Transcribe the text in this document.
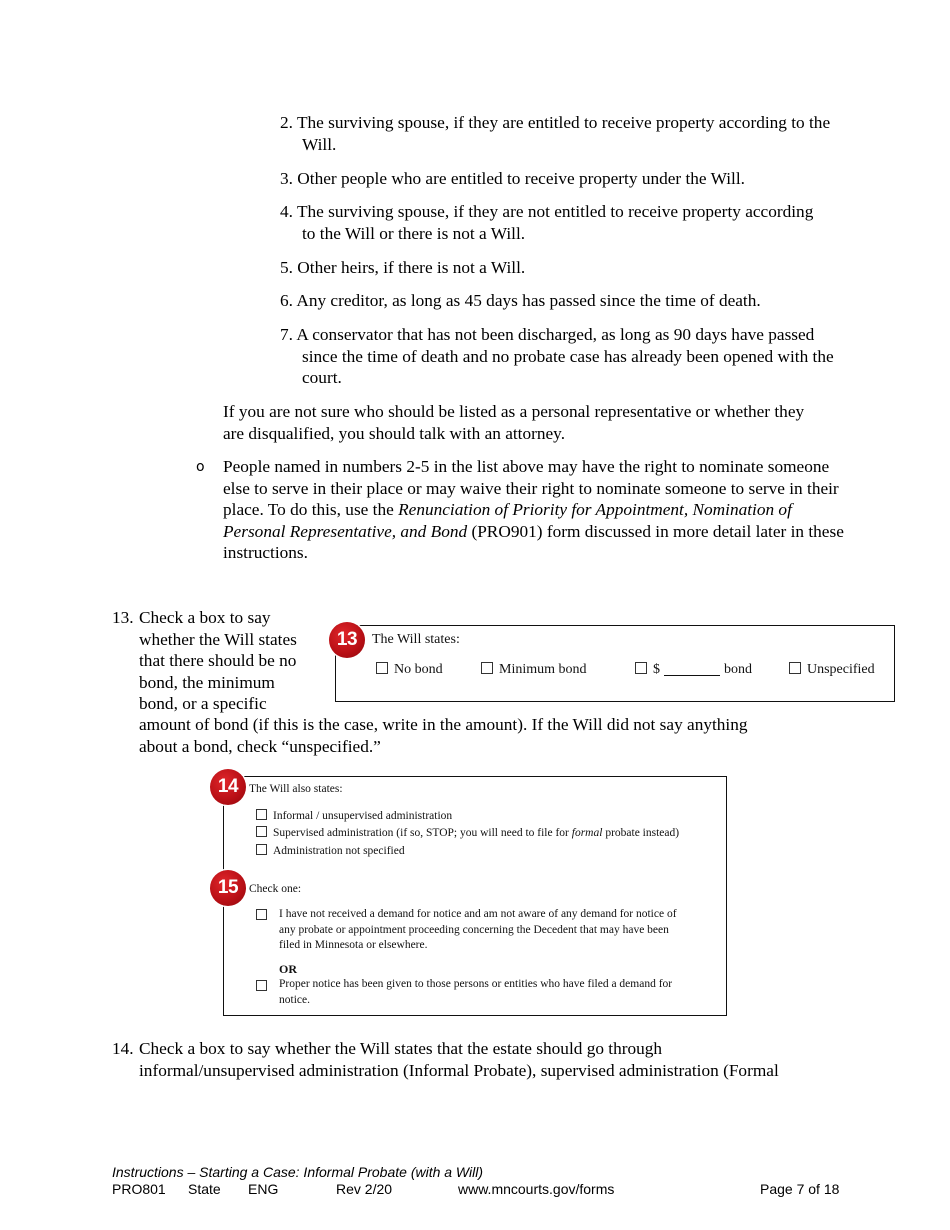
2. The surviving spouse, if they are entitled to receive property according to the Will.
3. Other people who are entitled to receive property under the Will.
4. The surviving spouse, if they are not entitled to receive property according to the Will or there is not a Will.
5. Other heirs, if there is not a Will.
6. Any creditor, as long as 45 days has passed since the time of death.
7. A conservator that has not been discharged, as long as 90 days have passed since the time of death and no probate case has already been opened with the court.

If you are not sure who should be listed as a personal representative or whether they are disqualified, you should talk with an attorney.

o People named in numbers 2-5 in the list above may have the right to nominate someone else to serve in their place or may waive their right to nominate someone to serve in their place. To do this, use the Renunciation of Priority for Appointment, Nomination of Personal Representative, and Bond (PRO901) form discussed in more detail later in these instructions.

13. Check a box to say
whether the Will states
that there should be no
bond, the minimum
bond, or a specific
amount of bond (if this is the case, write in the amount). If the Will did not say anything
about a bond, check “unspecified.”
13	The Will states:
No bond	Minimum bond	$	bond	Unspecified
14 The Will also states:
Informal / unsupervised administration
Supervised administration (if so, STOP; you will need to file for formal probate instead)
Administration not specified
15 Check one:
I have not received a demand for notice and am not aware of any demand for notice of
any probate or appointment proceeding concerning the Decedent that may have been
filed in Minnesota or elsewhere.
OR
Proper notice has been given to those persons or entities who have filed a demand for
notice.
14. Check a box to say whether the Will states that the estate should go through
informal/unsupervised administration (Informal Probate), supervised administration (Formal
Instructions – Starting a Case: Informal Probate (with a Will)
PRO801 State ENG	Rev 2/20	www.mncourts.gov/forms	Page 7 of 18
